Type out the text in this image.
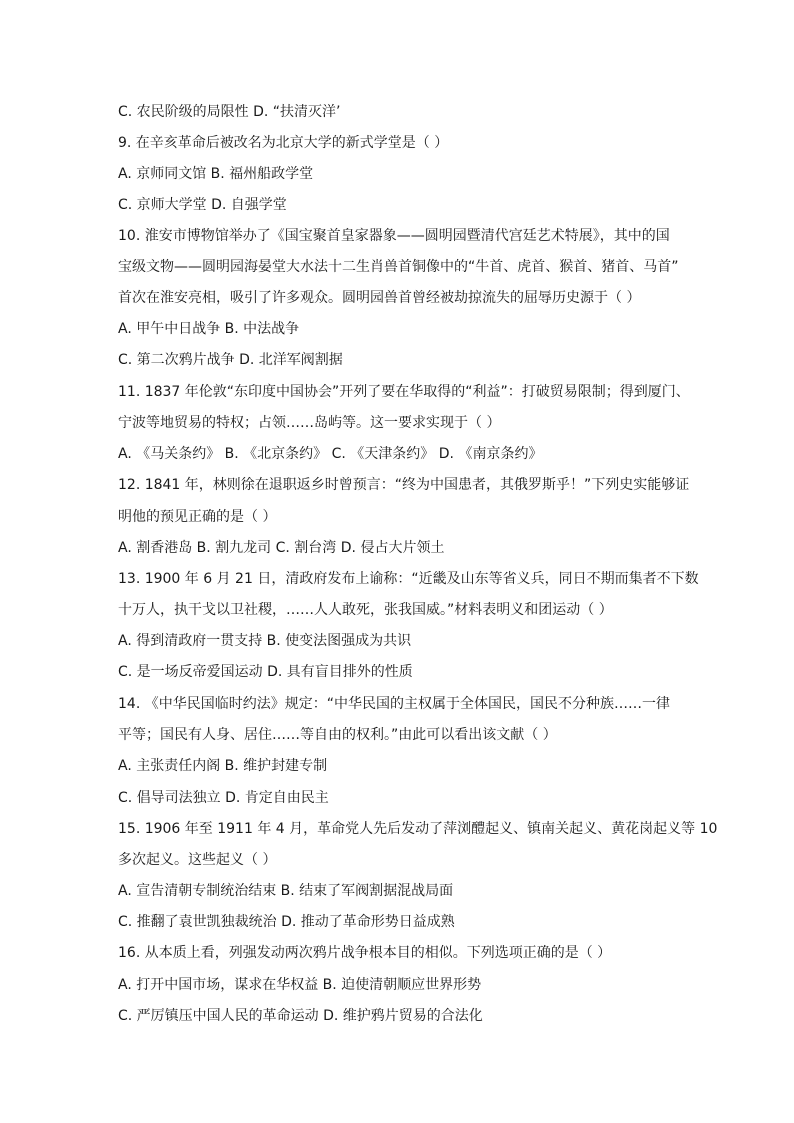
C. 农民阶级的局限性 D. “扶清灭洋’
9. 在辛亥革命后被改名为北京大学的新式学堂是（ ）
A. 京师同文馆 B. 福州船政学堂
C. 京师大学堂 D. 自强学堂
10. 淮安市博物馆举办了《国宝聚首皇家器象——圆明园暨清代宫廷艺术特展》，其中的国
宝级文物——圆明园海晏堂大水法十二生肖兽首铜像中的“牛首、虎首、猴首、猪首、马首”
首次在淮安亮相，吸引了许多观众。圆明园兽首曾经被劫掠流失的屈辱历史源于（ ）
A. 甲午中日战争 B. 中法战争
C. 第二次鸦片战争 D. 北洋军阀割据
11. 1837 年伦敦“东印度中国协会”开列了要在华取得的“利益”：打破贸易限制；得到厦门、
宁波等地贸易的特权；占领……岛屿等。这一要求实现于（ ）
A. 《马关条约》 B. 《北京条约》 C. 《天津条约》 D. 《南京条约》
12. 1841 年，林则徐在退职返乡时曾预言：“终为中国患者，其俄罗斯乎！”下列史实能够证
明他的预见正确的是（ ）
A. 割香港岛 B. 割九龙司 C. 割台湾 D. 侵占大片领土
13. 1900 年 6 月 21 日，清政府发布上谕称：“近畿及山东等省义兵，同日不期而集者不下数
十万人，执干戈以卫社稷，……人人敢死，张我国威。”材料表明义和团运动（ ）
A. 得到清政府一贯支持 B. 使变法图强成为共识
C. 是一场反帝爱国运动 D. 具有盲目排外的性质
14. 《中华民国临时约法》规定：“中华民国的主权属于全体国民，国民不分种族……一律
平等；国民有人身、居住……等自由的权利。”由此可以看出该文献（ ）
A. 主张责任内阁 B. 维护封建专制
C. 倡导司法独立 D. 肯定自由民主
15. 1906 年至 1911 年 4 月，革命党人先后发动了萍浏醴起义、镇南关起义、黄花岗起义等 10
多次起义。这些起义（ ）
A. 宣告清朝专制统治结束 B. 结束了军阀割据混战局面
C. 推翻了袁世凯独裁统治 D. 推动了革命形势日益成熟
16. 从本质上看，列强发动两次鸦片战争根本目的相似。下列选项正确的是（ ）
A. 打开中国市场，谋求在华权益 B. 迫使清朝顺应世界形势
C. 严厉镇压中国人民的革命运动 D. 维护鸦片贸易的合法化
